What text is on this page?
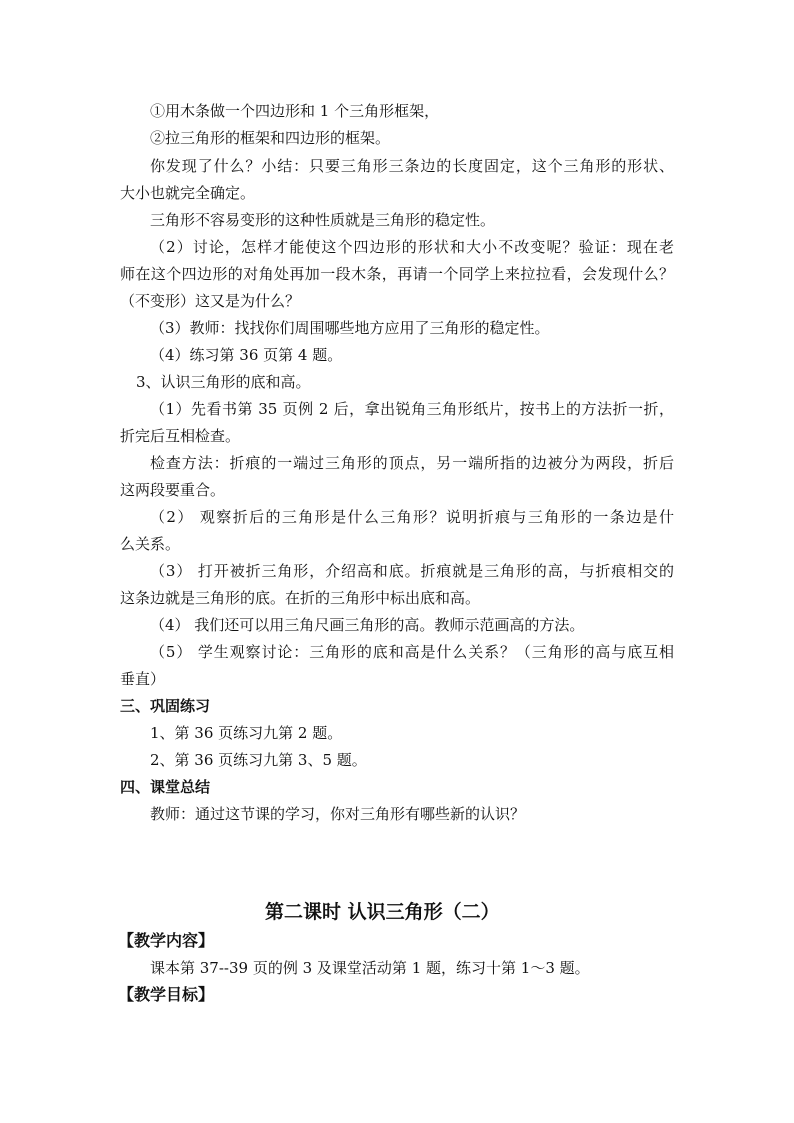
①用木条做一个四边形和 1 个三角形框架，
②拉三角形的框架和四边形的框架。
你发现了什么？小结：只要三角形三条边的长度固定，这个三角形的形状、
大小也就完全确定。
三角形不容易变形的这种性质就是三角形的稳定性。
（2）讨论，怎样才能使这个四边形的形状和大小不改变呢？验证：现在老
师在这个四边形的对角处再加一段木条，再请一个同学上来拉拉看，会发现什么？
（不变形）这又是为什么？
（3）教师：找找你们周围哪些地方应用了三角形的稳定性。
（4）练习第 36 页第 4 题。
3、认识三角形的底和高。
（1）先看书第 35 页例 2 后，拿出锐角三角形纸片，按书上的方法折一折，
折完后互相检查。
检查方法：折痕的一端过三角形的顶点，另一端所指的边被分为两段，折后
这两段要重合。
（2） 观察折后的三角形是什么三角形？说明折痕与三角形的一条边是什
么关系。
（3） 打开被折三角形，介绍高和底。折痕就是三角形的高，与折痕相交的
这条边就是三角形的底。在折的三角形中标出底和高。
（4） 我们还可以用三角尺画三角形的高。教师示范画高的方法。
（5） 学生观察讨论：三角形的底和高是什么关系？（三角形的高与底互相
垂直）
三、巩固练习
1、第 36 页练习九第 2 题。
2、第 36 页练习九第 3、5 题。
四、课堂总结
教师：通过这节课的学习，你对三角形有哪些新的认识？
第二课时 认识三角形（二）
【教学内容】
课本第 37--39 页的例 3 及课堂活动第 1 题，练习十第 1～3 题。
【教学目标】
